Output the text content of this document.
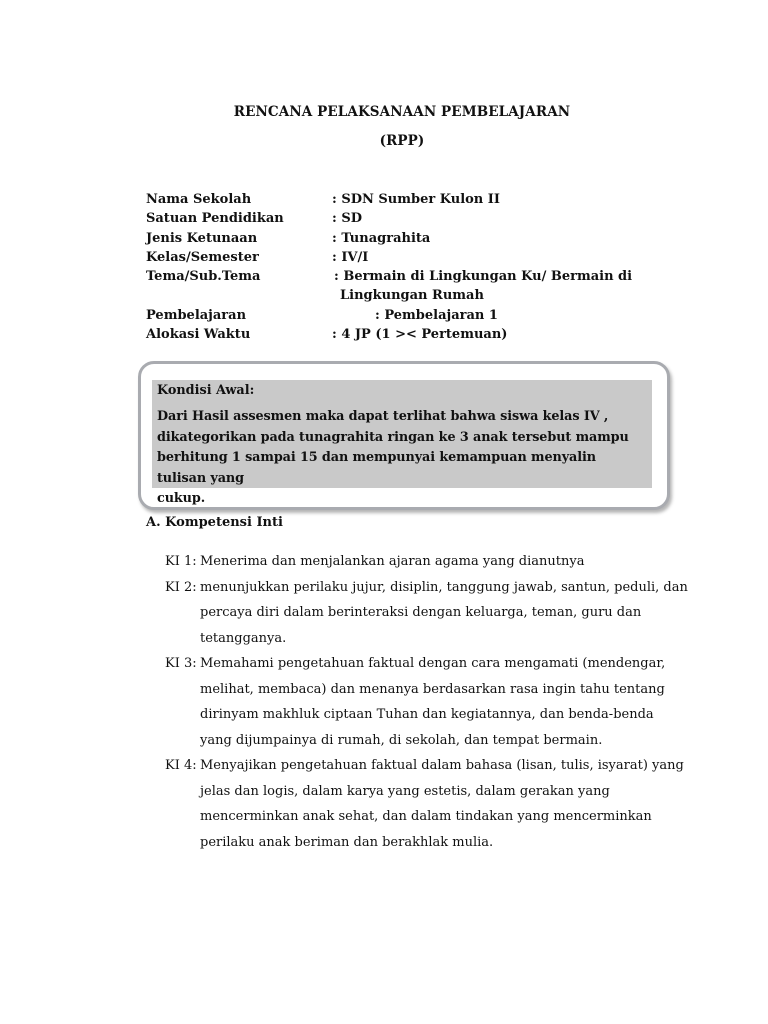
RENCANA PELAKSANAAN PEMBELAJARAN
(RPP)
Nama Sekolah	: SDN Sumber Kulon II
Satuan Pendidikan	: SD
Jenis Ketunaan	: Tunagrahita
Kelas/Semester	: IV/I
Tema/Sub.Tema	: Bermain di Lingkungan Ku/ Bermain di
Lingkungan Rumah
Pembelajaran	: Pembelajaran 1
Alokasi Waktu	: 4 JP (1 >< Pertemuan)
Kondisi Awal:
Dari Hasil assesmen maka dapat terlihat bahwa siswa kelas IV ,
dikategorikan pada tunagrahita ringan ke 3 anak tersebut mampu
berhitung 1 sampai 15 dan mempunyai kemampuan menyalin tulisan yang
cukup.
A. Kompetensi Inti
KI 1: Menerima dan menjalankan ajaran agama yang dianutnya
KI 2: menunjukkan perilaku jujur, disiplin, tanggung jawab, santun, peduli, dan
percaya diri dalam berinteraksi dengan keluarga, teman, guru dan
tetangganya.
KI 3: Memahami pengetahuan faktual dengan cara mengamati (mendengar,
melihat, membaca) dan menanya berdasarkan rasa ingin tahu tentang
dirinyam makhluk ciptaan Tuhan dan kegiatannya, dan benda-benda
yang dijumpainya di rumah, di sekolah, dan tempat bermain.
KI 4: Menyajikan pengetahuan faktual dalam bahasa (lisan, tulis, isyarat) yang
jelas dan logis, dalam karya yang estetis, dalam gerakan yang
mencerminkan anak sehat, dan dalam tindakan yang mencerminkan
perilaku anak beriman dan berakhlak mulia.
